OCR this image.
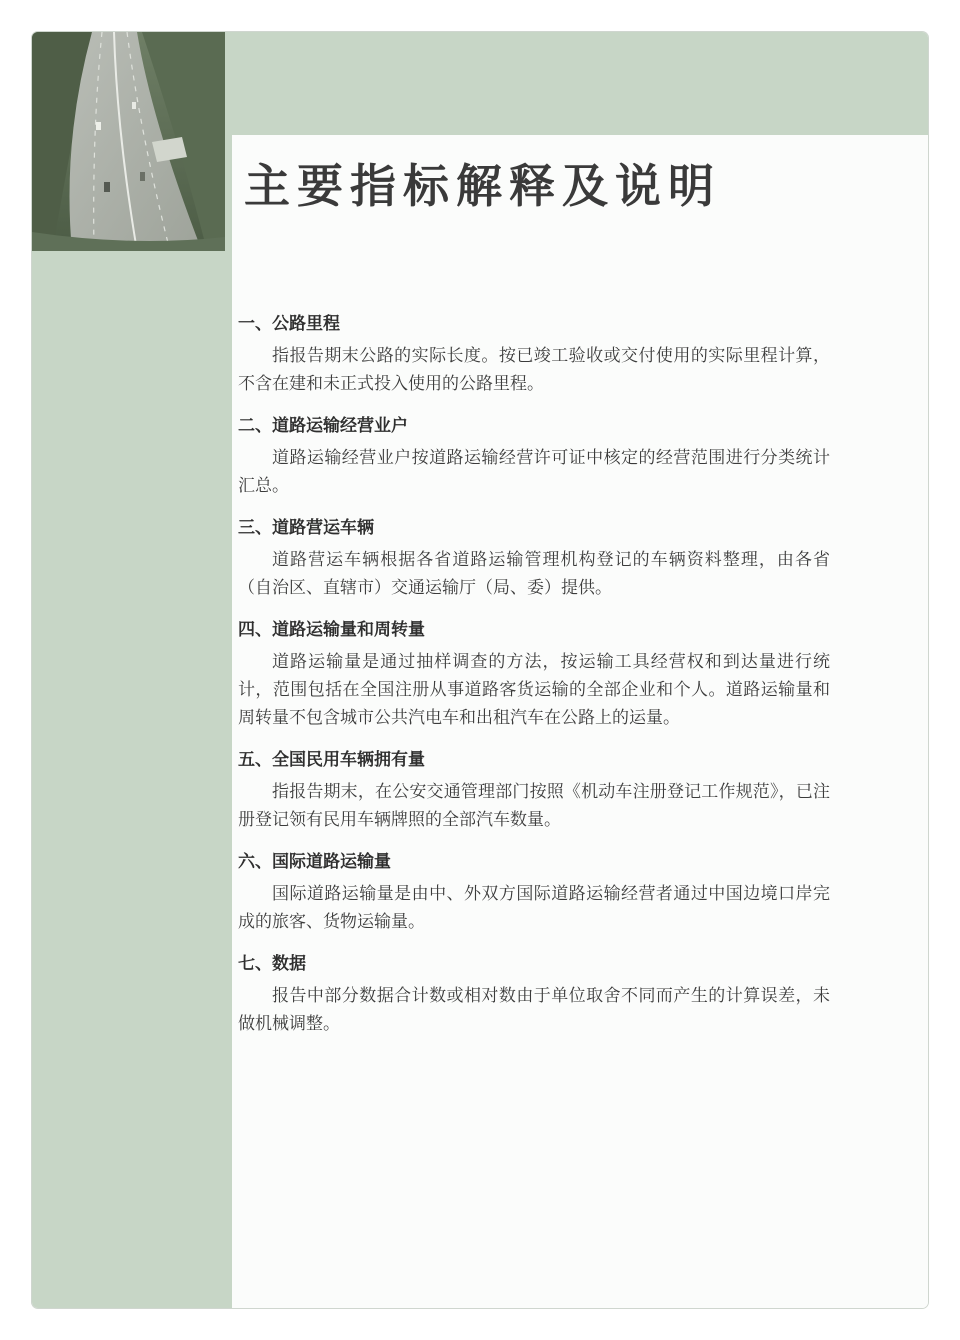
主要指标解释及说明

一、公路里程

指报告期末公路的实际长度。按已竣工验收或交付使用的实际里程计算，不含在建和未正式投入使用的公路里程。

二、道路运输经营业户

道路运输经营业户按道路运输经营许可证中核定的经营范围进行分类统计汇总。

三、道路营运车辆

道路营运车辆根据各省道路运输管理机构登记的车辆资料整理，由各省（自治区、直辖市）交通运输厅（局、委）提供。

四、道路运输量和周转量

道路运输量是通过抽样调查的方法，按运输工具经营权和到达量进行统计，范围包括在全国注册从事道路客货运输的全部企业和个人。道路运输量和周转量不包含城市公共汽电车和出租汽车在公路上的运量。

五、全国民用车辆拥有量

指报告期末，在公安交通管理部门按照《机动车注册登记工作规范》，已注册登记领有民用车辆牌照的全部汽车数量。

六、国际道路运输量

国际道路运输量是由中、外双方国际道路运输经营者通过中国边境口岸完成的旅客、货物运输量。

七、数据

报告中部分数据合计数或相对数由于单位取舍不同而产生的计算误差，未做机械调整。
